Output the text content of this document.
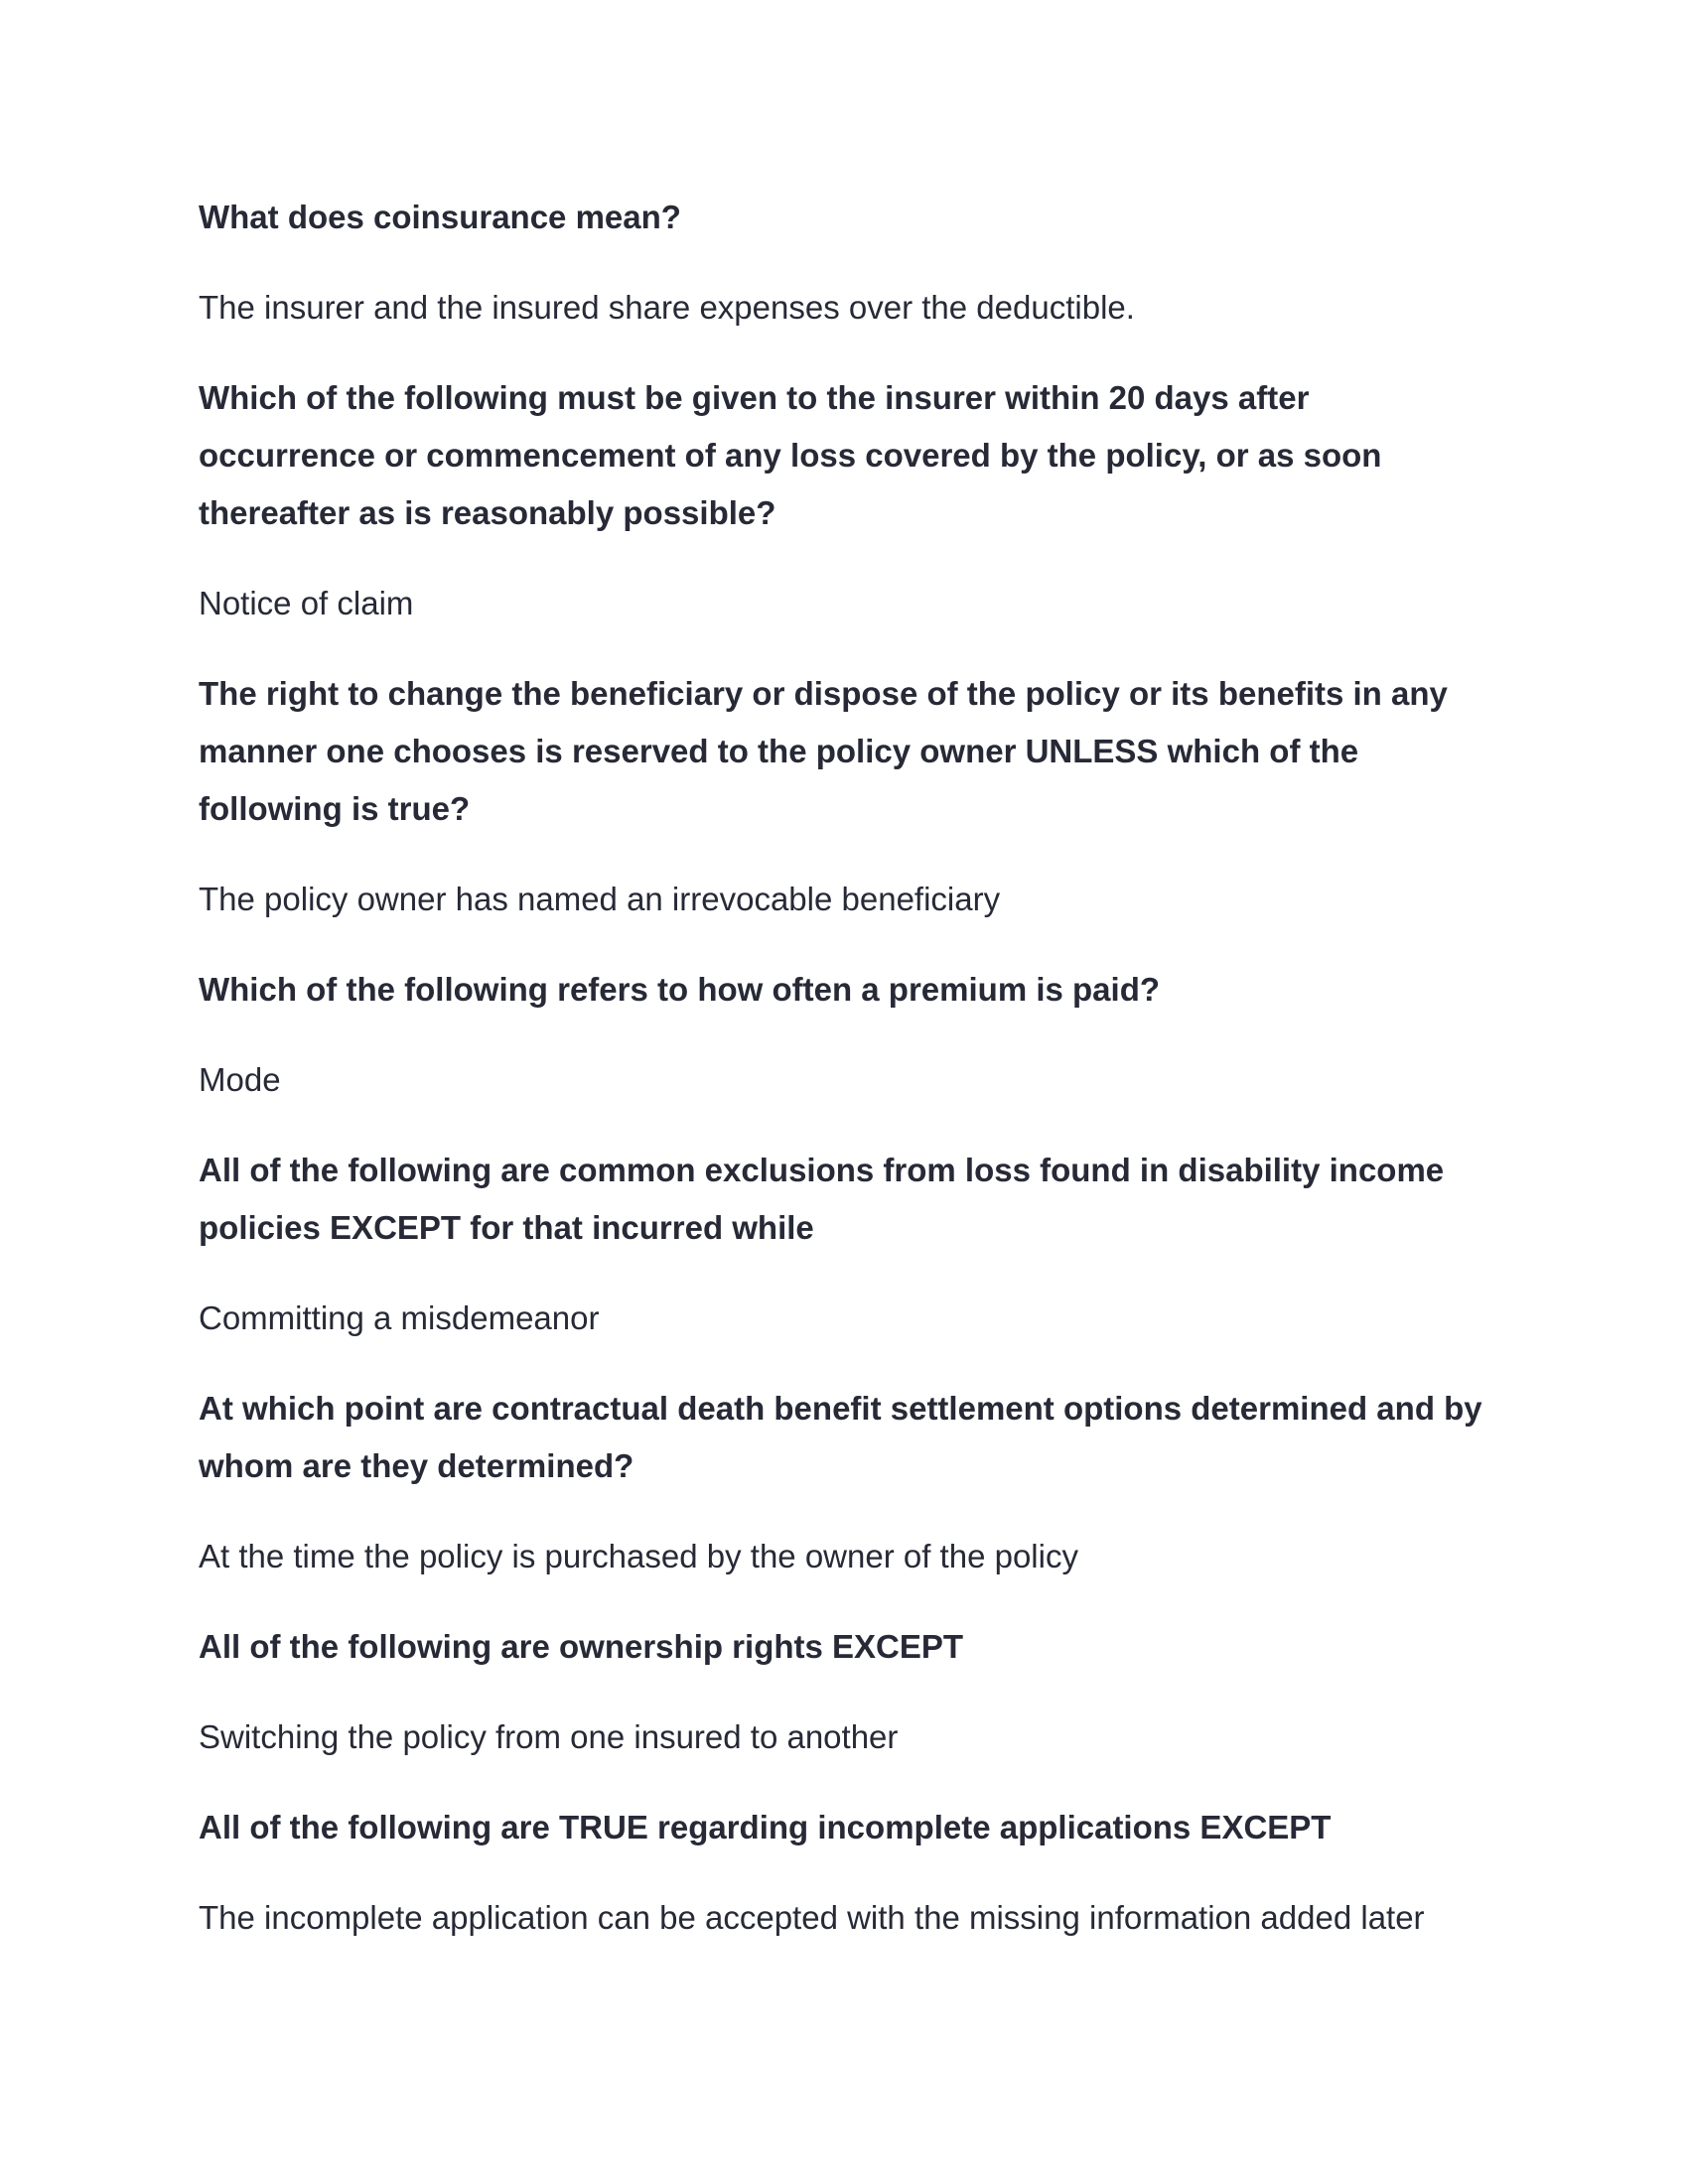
What does coinsurance mean?

The insurer and the insured share expenses over the deductible.

Which of the following must be given to the insurer within 20 days after occurrence or commencement of any loss covered by the policy, or as soon thereafter as is reasonably possible?

Notice of claim

The right to change the beneficiary or dispose of the policy or its benefits in any manner one chooses is reserved to the policy owner UNLESS which of the following is true?

The policy owner has named an irrevocable beneficiary

Which of the following refers to how often a premium is paid?

Mode

All of the following are common exclusions from loss found in disability income policies EXCEPT for that incurred while

Committing a misdemeanor

At which point are contractual death benefit settlement options determined and by whom are they determined?

At the time the policy is purchased by the owner of the policy

All of the following are ownership rights EXCEPT

Switching the policy from one insured to another

All of the following are TRUE regarding incomplete applications EXCEPT

The incomplete application can be accepted with the missing information added later
